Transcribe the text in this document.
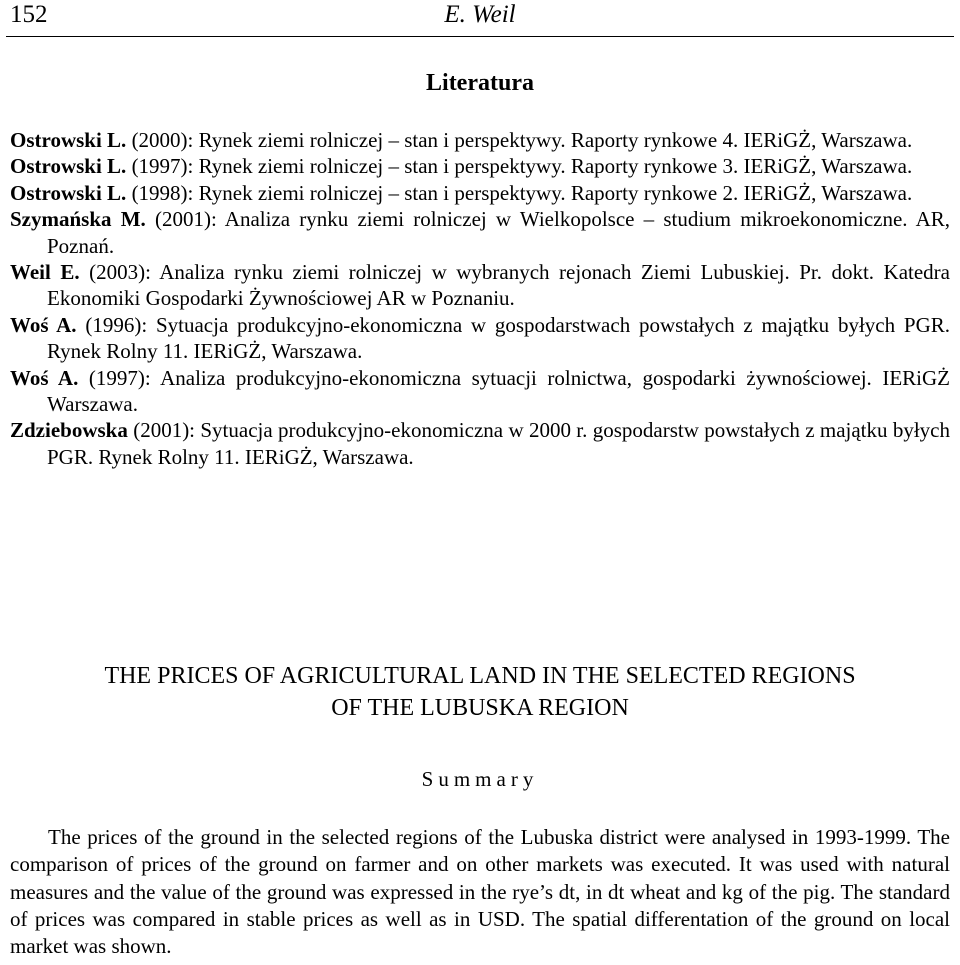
152	E. Weil
Literatura
Ostrowski L. (2000): Rynek ziemi rolniczej – stan i perspektywy. Raporty rynkowe 4. IERiGŻ, Warszawa.
Ostrowski L. (1997): Rynek ziemi rolniczej – stan i perspektywy. Raporty rynkowe 3. IERiGŻ, Warszawa.
Ostrowski L. (1998): Rynek ziemi rolniczej – stan i perspektywy. Raporty rynkowe 2. IERiGŻ, Warszawa.
Szymańska M. (2001): Analiza rynku ziemi rolniczej w Wielkopolsce – studium mikroekonomiczne. AR, Poznań.
Weil E. (2003): Analiza rynku ziemi rolniczej w wybranych rejonach Ziemi Lubuskiej. Pr. dokt. Katedra Ekonomiki Gospodarki Żywnościowej AR w Poznaniu.
Woś A. (1996): Sytuacja produkcyjno-ekonomiczna w gospodarstwach powstałych z majątku byłych PGR. Rynek Rolny 11. IERiGŻ, Warszawa.
Woś A. (1997): Analiza produkcyjno-ekonomiczna sytuacji rolnictwa, gospodarki żywnościowej. IERiGŻ Warszawa.
Zdziebowska (2001): Sytuacja produkcyjno-ekonomiczna w 2000 r. gospodarstw powstałych z majątku byłych PGR. Rynek Rolny 11. IERiGŻ, Warszawa.
THE PRICES OF AGRICULTURAL LAND IN THE SELECTED REGIONS
OF THE LUBUSKA REGION
Summary

The prices of the ground in the selected regions of the Lubuska district were analysed in 1993-1999. The comparison of prices of the ground on farmer and on other markets was executed. It was used with natural measures and the value of the ground was expressed in the rye’s dt, in dt wheat and kg of the pig. The standard of prices was compared in stable prices as well as in USD. The spatial differentation of the ground on local market was shown.
